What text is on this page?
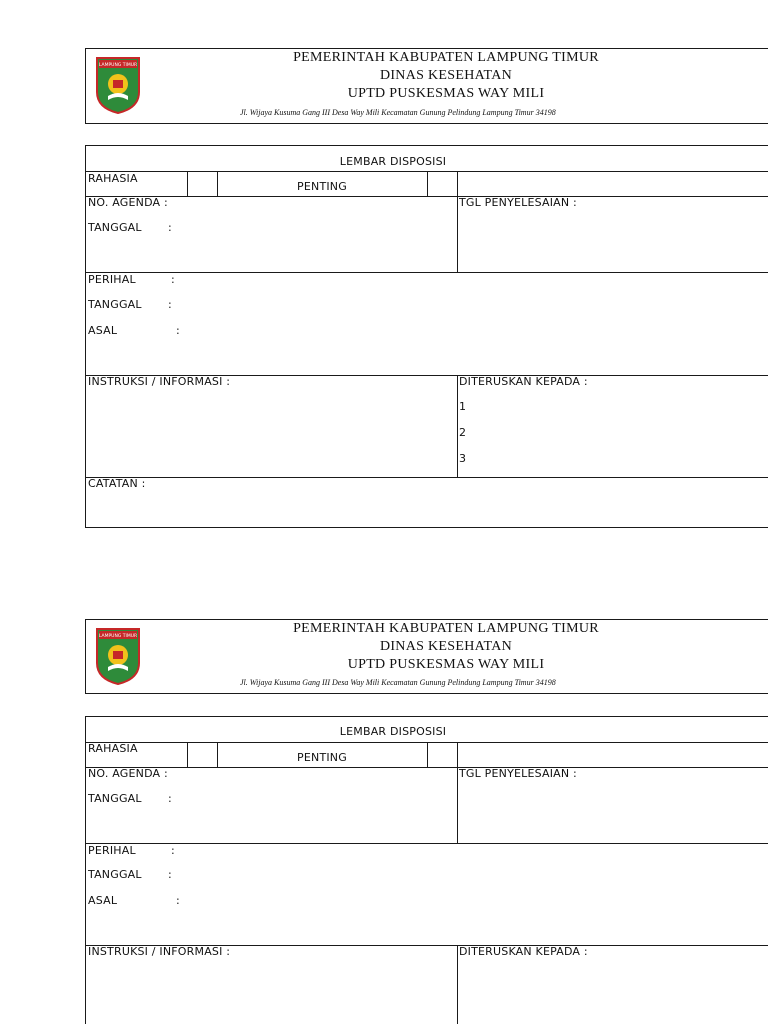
LAMPUNG TIMUR
PEMERINTAH KABUPATEN LAMPUNG TIMUR
DINAS KESEHATAN
UPTD PUSKESMAS WAY MILI
Jl. Wijaya Kusuma Gang III Desa Way Mili Kecamatan Gunung Pelindung Lampung Timur 34198
LEMBAR DISPOSISI
RAHASIA
PENTING
NO. AGENDA :
TANGGAL :
TGL PENYELESAIAN :
PERIHAL	:
TANGGAL :
ASAL	:
INSTRUKSI / INFORMASI :	DITERUSKAN KEPADA :
1
2
3
CATATAN :
LAMPUNG TIMUR
PEMERINTAH KABUPATEN LAMPUNG TIMUR
DINAS KESEHATAN
UPTD PUSKESMAS WAY MILI
Jl. Wijaya Kusuma Gang III Desa Way Mili Kecamatan Gunung Pelindung Lampung Timur 34198
LEMBAR DISPOSISI
RAHASIA
PENTING
NO. AGENDA :
TANGGAL :
TGL PENYELESAIAN :
PERIHAL	:
TANGGAL :
ASAL	:
INSTRUKSI / INFORMASI :	DITERUSKAN KEPADA :
